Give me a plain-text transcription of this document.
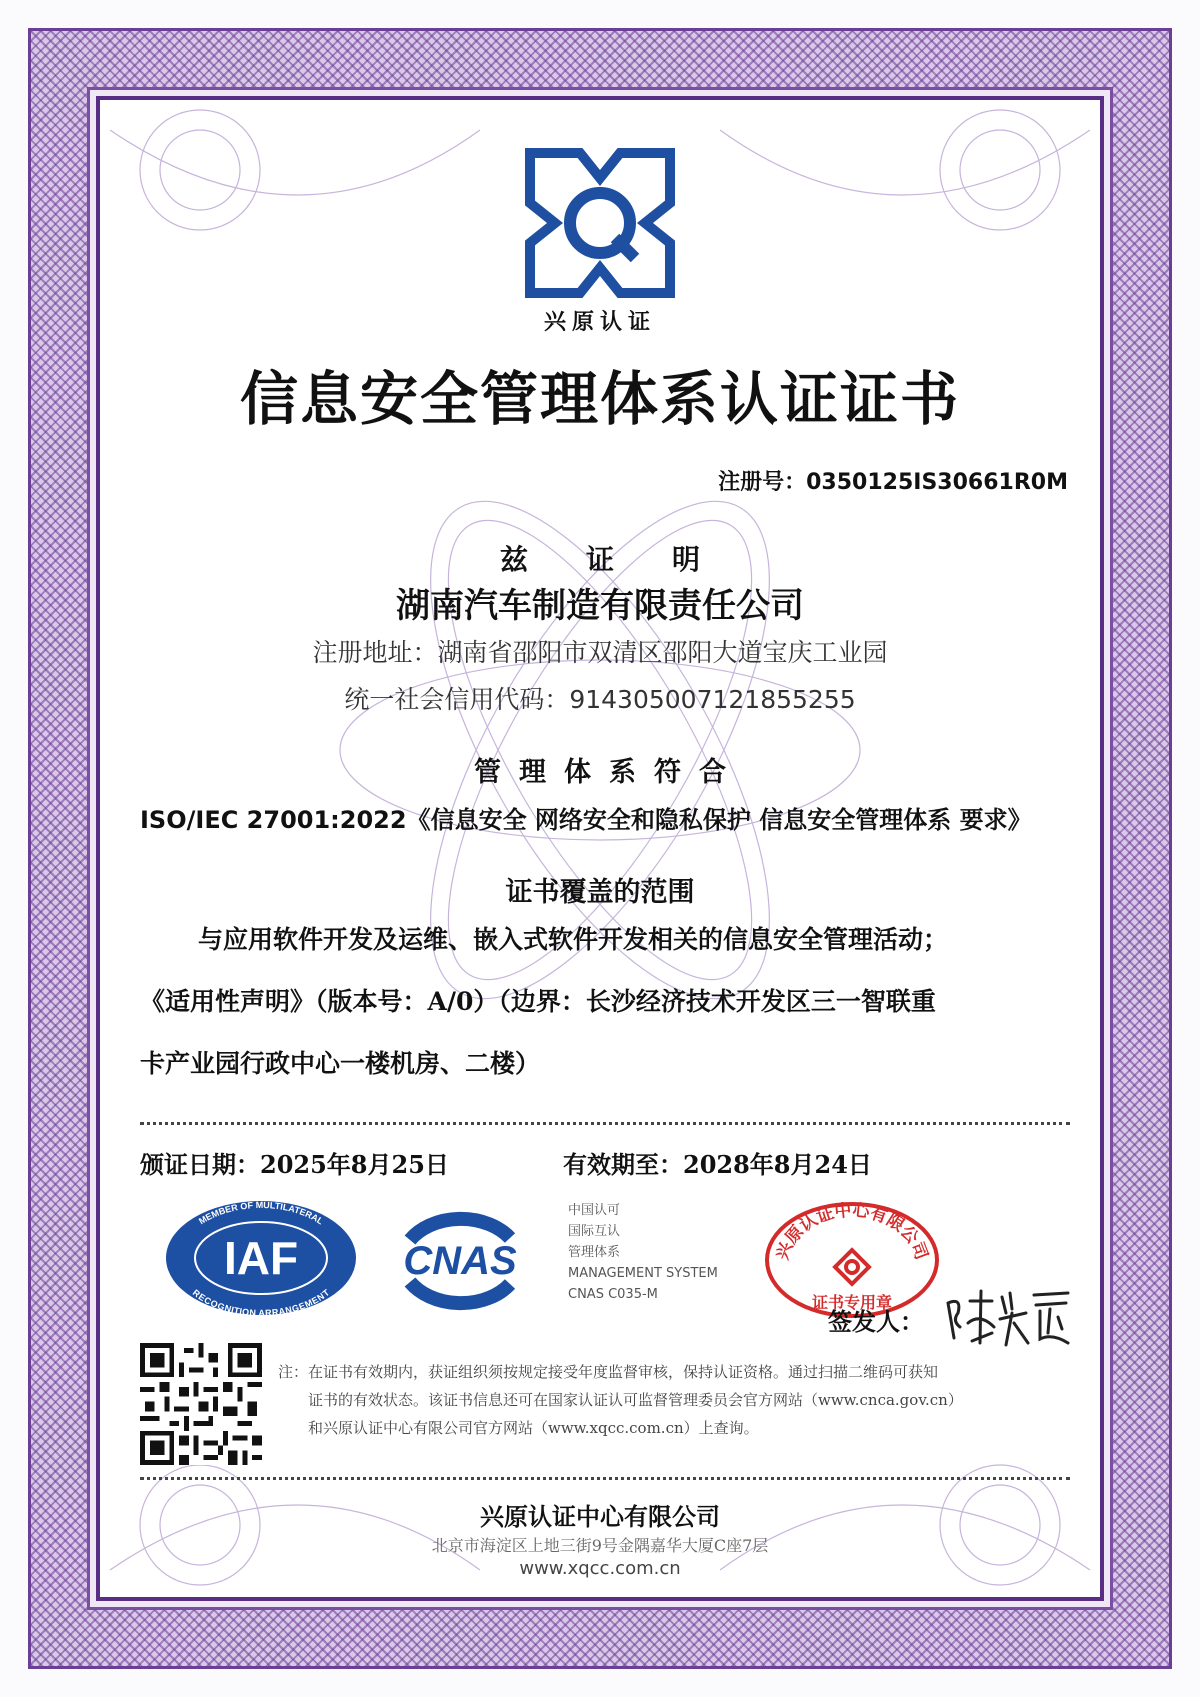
兴原认证
信息安全管理体系认证证书
注册号：0350125IS30661R0M
兹证明
湖南汽车制造有限责任公司
注册地址：湖南省邵阳市双清区邵阳大道宝庆工业园
统一社会信用代码：914305007121855255
管理体系符合
ISO/IEC 27001:2022《信息安全 网络安全和隐私保护 信息安全管理体系 要求》
证书覆盖的范围
与应用软件开发及运维、嵌入式软件开发相关的信息安全管理活动；
《适用性声明》（版本号：A/0）（边界：长沙经济技术开发区三一智联重
卡产业园行政中心一楼机房、二楼）
颁证日期：2025年8月25日	有效期至：2028年8月24日
MEMBER OF MULTILATERAL
RECOGNITION ARRANGEMENT
IAF	CNAS
中国认可
国际互认
管理体系
MANAGEMENT SYSTEM
CNAS C035-M
兴原认证中心有限公司
证书专用章
签发人：

注：在证书有效期内，获证组织须按规定接受年度监督审核，保持认证资格。通过扫描二维码可获知

证书的有效状态。该证书信息还可在国家认证认可监督管理委员会官方网站（www.cnca.gov.cn）

和兴原认证中心有限公司官方网站（www.xqcc.com.cn）上查询。

兴原认证中心有限公司
北京市海淀区上地三街9号金隅嘉华大厦C座7层
www.xqcc.com.cn
